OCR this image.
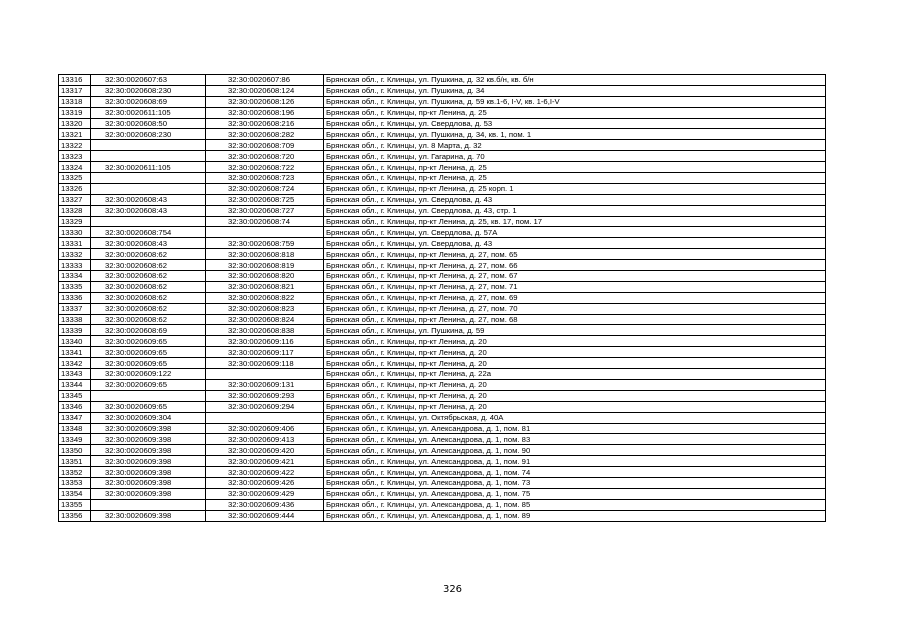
13316	32:30:0020607:63	32:30:0020607:86	Брянская обл., г. Клинцы, ул. Пушкина, д. 32 кв.б/н, кв. б/н
13317	32:30:0020608:230	32:30:0020608:124	Брянская обл., г. Клинцы, ул. Пушкина, д. 34
13318	32:30:0020608:69	32:30:0020608:126	Брянская обл., г. Клинцы, ул. Пушкина, д. 59 кв.1-6, I-V, кв. 1-6,I-V
13319	32:30:0020611:105	32:30:0020608:196	Брянская обл., г. Клинцы, пр-кт Ленина, д. 25
13320	32:30:0020608:50	32:30:0020608:216	Брянская обл., г. Клинцы, ул. Свердлова, д. 53
13321	32:30:0020608:230	32:30:0020608:282	Брянская обл., г. Клинцы, ул. Пушкина, д. 34, кв. 1, пом. 1
13322		32:30:0020608:709	Брянская обл., г. Клинцы, ул. 8 Марта, д. 32
13323		32:30:0020608:720	Брянская обл., г. Клинцы, ул. Гагарина, д. 70
13324	32:30:0020611:105	32:30:0020608:722	Брянская обл., г. Клинцы, пр-кт Ленина, д. 25
13325		32:30:0020608:723	Брянская обл., г. Клинцы, пр-кт Ленина, д. 25
13326		32:30:0020608:724	Брянская обл., г. Клинцы, пр-кт Ленина, д. 25 корп. 1
13327	32:30:0020608:43	32:30:0020608:725	Брянская обл., г. Клинцы, ул. Свердлова, д. 43
13328	32:30:0020608:43	32:30:0020608:727	Брянская обл., г. Клинцы, ул. Свердлова, д. 43, стр. 1
13329		32:30:0020608:74	Брянская обл., г. Клинцы, пр-кт Ленина, д. 25, кв. 17, пом. 17
13330	32:30:0020608:754		Брянская обл., г. Клинцы, ул. Свердлова, д. 57А
13331	32:30:0020608:43	32:30:0020608:759	Брянская обл., г. Клинцы, ул. Свердлова, д. 43
13332	32:30:0020608:62	32:30:0020608:818	Брянская обл., г. Клинцы, пр-кт Ленина, д. 27, пом. 65
13333	32:30:0020608:62	32:30:0020608:819	Брянская обл., г. Клинцы, пр-кт Ленина, д. 27, пом. 66
13334	32:30:0020608:62	32:30:0020608:820	Брянская обл., г. Клинцы, пр-кт Ленина, д. 27, пом. 67
13335	32:30:0020608:62	32:30:0020608:821	Брянская обл., г. Клинцы, пр-кт Ленина, д. 27, пом. 71
13336	32:30:0020608:62	32:30:0020608:822	Брянская обл., г. Клинцы, пр-кт Ленина, д. 27, пом. 69
13337	32:30:0020608:62	32:30:0020608:823	Брянская обл., г. Клинцы, пр-кт Ленина, д. 27, пом. 70
13338	32:30:0020608:62	32:30:0020608:824	Брянская обл., г. Клинцы, пр-кт Ленина, д. 27, пом. 68
13339	32:30:0020608:69	32:30:0020608:838	Брянская обл., г. Клинцы, ул. Пушкина, д. 59
13340	32:30:0020609:65	32:30:0020609:116	Брянская обл., г. Клинцы, пр-кт Ленина, д. 20
13341	32:30:0020609:65	32:30:0020609:117	Брянская обл., г. Клинцы, пр-кт Ленина, д. 20
13342	32:30:0020609:65	32:30:0020609:118	Брянская обл., г. Клинцы, пр-кт Ленина, д. 20
13343	32:30:0020609:122		Брянская обл., г. Клинцы, пр-кт Ленина, д. 22а
13344	32:30:0020609:65	32:30:0020609:131	Брянская обл., г. Клинцы, пр-кт Ленина, д. 20
13345		32:30:0020609:293	Брянская обл., г. Клинцы, пр-кт Ленина, д. 20
13346	32:30:0020609:65	32:30:0020609:294	Брянская обл., г. Клинцы, пр-кт Ленина, д. 20
13347	32:30:0020609:304		Брянская обл., г. Клинцы, ул. Октябрьская, д. 40А
13348	32:30:0020609:398	32:30:0020609:406	Брянская обл., г. Клинцы, ул. Александрова, д. 1, пом. 81
13349	32:30:0020609:398	32:30:0020609:413	Брянская обл., г. Клинцы, ул. Александрова, д. 1, пом. 83
13350	32:30:0020609:398	32:30:0020609:420	Брянская обл., г. Клинцы, ул. Александрова, д. 1, пом. 90
13351	32:30:0020609:398	32:30:0020609:421	Брянская обл., г. Клинцы, ул. Александрова, д. 1, пом. 91
13352	32:30:0020609:398	32:30:0020609:422	Брянская обл., г. Клинцы, ул. Александрова, д. 1, пом. 74
13353	32:30:0020609:398	32:30:0020609:426	Брянская обл., г. Клинцы, ул. Александрова, д. 1, пом. 73
13354	32:30:0020609:398	32:30:0020609:429	Брянская обл., г. Клинцы, ул. Александрова, д. 1, пом. 75
13355		32:30:0020609:436	Брянская обл., г. Клинцы, ул. Александрова, д. 1, пом. 85
13356	32:30:0020609:398	32:30:0020609:444	Брянская обл., г. Клинцы, ул. Александрова, д. 1, пом. 89
326
